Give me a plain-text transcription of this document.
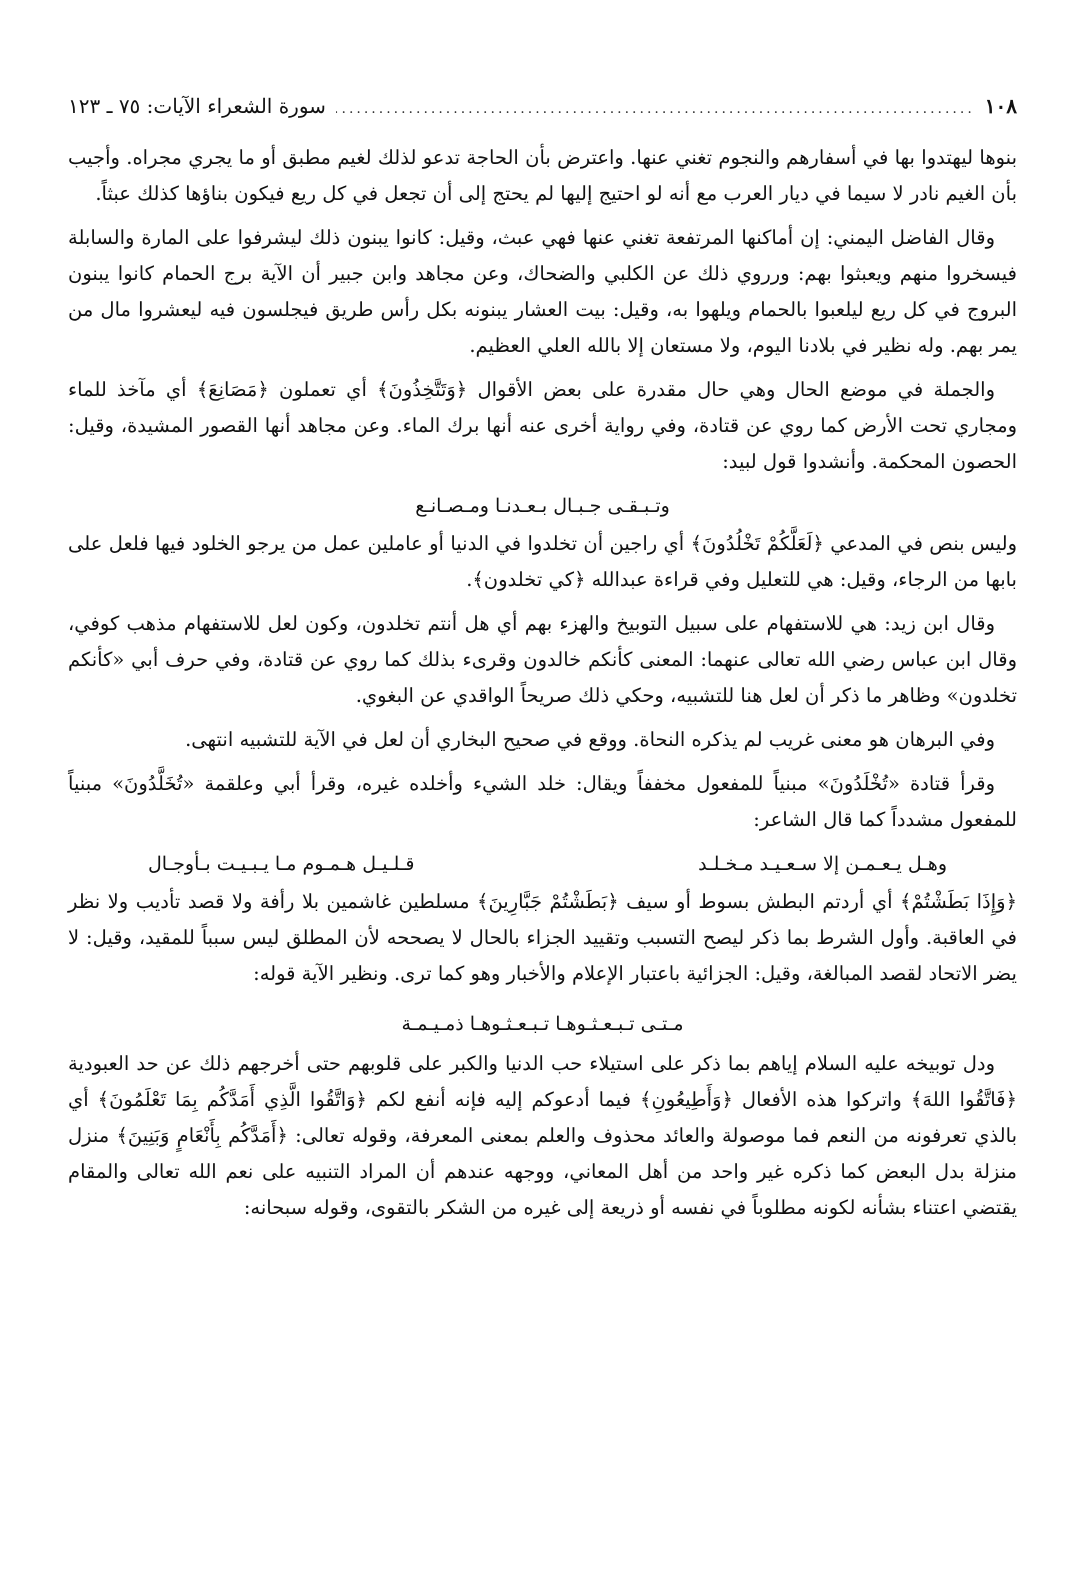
١٠٨
.....
سورة الشعراء الآيات: ٧٥ ـ ١٢٣

بنوها ليهتدوا بها في أسفارهم والنجوم تغني عنها. واعترض بأن الحاجة تدعو لذلك لغيم مطبق أو ما يجري مجراه. وأجيب بأن الغيم نادر لا سيما في ديار العرب مع أنه لو احتيج إليها لم يحتج إلى أن تجعل في كل ريع فيكون بناؤها كذلك عبثاً.

وقال الفاضل اليمني: إن أماكنها المرتفعة تغني عنها فهي عبث، وقيل: كانوا يبنون ذلك ليشرفوا على المارة والسابلة فيسخروا منهم ويعبثوا بهم: ورروي ذلك عن الكلبي والضحاك، وعن مجاهد وابن جبير أن الآية برج الحمام كانوا يبنون البروج في كل ريع ليلعبوا بالحمام ويلهوا به، وقيل: بيت العشار يبنونه بكل رأس طريق فيجلسون فيه ليعشروا مال من يمر بهم. وله نظير في بلادنا اليوم، ولا مستعان إلا بالله العلي العظيم.

والجملة في موضع الحال وهي حال مقدرة على بعض الأقوال ﴿وَتَتَّخِذُونَ﴾ أي تعملون ﴿مَصَانِعَ﴾ أي مآخذ للماء ومجاري تحت الأرض كما روي عن قتادة، وفي رواية أخرى عنه أنها برك الماء. وعن مجاهد أنها القصور المشيدة، وقيل: الحصون المحكمة. وأنشدوا قول لبيد:

وتـبـقـى جـبـال بـعـدنـا ومـصـانـع

وليس بنص في المدعي ﴿لَعَلَّكُمْ تَخْلُدُونَ﴾ أي راجين أن تخلدوا في الدنيا أو عاملين عمل من يرجو الخلود فيها فلعل على بابها من الرجاء، وقيل: هي للتعليل وفي قراءة عبدالله ﴿كي تخلدون﴾.

وقال ابن زيد: هي للاستفهام على سبيل التوبيخ والهزء بهم أي هل أنتم تخلدون، وكون لعل للاستفهام مذهب كوفي، وقال ابن عباس رضي الله تعالى عنهما: المعنى كأنكم خالدون وقرىء بذلك كما روي عن قتادة، وفي حرف أبي «كأنكم تخلدون» وظاهر ما ذكر أن لعل هنا للتشبيه، وحكي ذلك صريحاً الواقدي عن البغوي.

وفي البرهان هو معنى غريب لم يذكره النحاة. ووقع في صحيح البخاري أن لعل في الآية للتشبيه انتهى.

وقرأ قتادة «تُخْلَدُونَ» مبنياً للمفعول مخففاً ويقال: خلد الشيء وأخلده غيره، وقرأ أبي وعلقمة «تُخَلَّدُونَ» مبنياً للمفعول مشدداً كما قال الشاعر:

وهـل يـعـمـن إلا سـعـيـد مـخـلـد
قـلـيـل هـمـوم مـا يـبـيـت بـأوجـال

﴿وَإِذَا بَطَشْتُمْ﴾ أي أردتم البطش بسوط أو سيف ﴿بَطَشْتُمْ جَبَّارِينَ﴾ مسلطين غاشمين بلا رأفة ولا قصد تأديب ولا نظر في العاقبة. وأول الشرط بما ذكر ليصح التسبب وتقييد الجزاء بالحال لا يصححه لأن المطلق ليس سبباً للمقيد، وقيل: لا يضر الاتحاد لقصد المبالغة، وقيل: الجزائية باعتبار الإعلام والأخبار وهو كما ترى. ونظير الآية قوله:

مـتـى تـبـعـثـوهـا تـبـعـثـوهـا ذمـيـمـة

ودل توبيخه عليه السلام إياهم بما ذكر على استيلاء حب الدنيا والكبر على قلوبهم حتى أخرجهم ذلك عن حد العبودية ﴿فَاتَّقُوا اللهَ﴾ واتركوا هذه الأفعال ﴿وَأَطِيعُونِ﴾ فيما أدعوكم إليه فإنه أنفع لكم ﴿وَاتَّقُوا الَّذِي أَمَدَّكُم بِمَا تَعْلَمُونَ﴾ أي بالذي تعرفونه من النعم فما موصولة والعائد محذوف والعلم بمعنى المعرفة، وقوله تعالى: ﴿أَمَدَّكُم بِأَنْعَامٍ وَبَنِينَ﴾ منزل منزلة بدل البعض كما ذكره غير واحد من أهل المعاني، ووجهه عندهم أن المراد التنبيه على نعم الله تعالى والمقام يقتضي اعتناء بشأنه لكونه مطلوباً في نفسه أو ذريعة إلى غيره من الشكر بالتقوى، وقوله سبحانه:
